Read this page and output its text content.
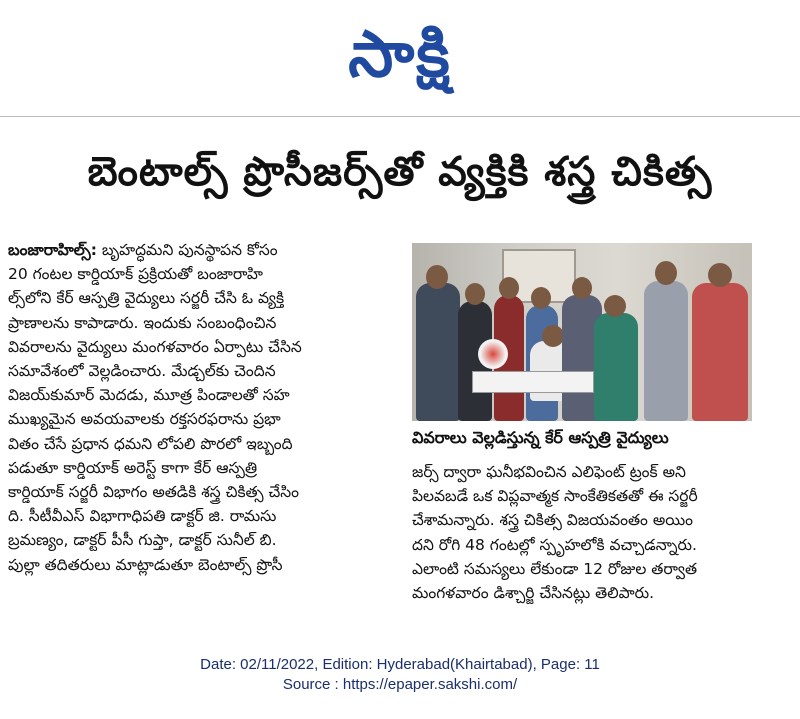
సాక్షి
బెంటాల్స్ ప్రొసీజర్స్‌తో వ్యక్తికి శస్త్ర చికిత్స
బంజారాహిల్స్: బృహద్ధమని పునస్థాపన కోసం
20 గంటల కార్డియాక్ ప్రక్రియతో బంజారాహి
ల్స్‌లోని కేర్ ఆస్పత్రి వైద్యులు సర్జరీ చేసి ఓ వ్యక్తి
ప్రాణాలను కాపాడారు. ఇందుకు సంబంధించిన
వివరాలను వైద్యులు మంగళవారం ఏర్పాటు చేసిన
సమావేశంలో వెల్లడించారు. మేడ్చల్‌కు చెందిన
విజయ్‌కుమార్ మెదడు, మూత్ర పిండాలతో సహ
ముఖ్యమైన అవయవాలకు రక్తసరఫరాను ప్రభా
వితం చేసే ప్రధాన ధమని లోపలి పొరలో ఇబ్బంది
పడుతూ కార్డియాక్ అరెస్ట్ కాగా కేర్ ఆస్పత్రి
కార్డియాక్ సర్జరీ విభాగం అతడికి శస్త్ర చికిత్స చేసిం
ది. సీటీవీఎస్ విభాగాధిపతి డాక్టర్ జి. రామసు
బ్రమణ్యం, డాక్టర్ పీసీ గుప్తా, డాక్టర్ సునీల్ బి.
పుల్లా తదితరులు మాట్లాడుతూ బెంటాల్స్ ప్రొసీ
వివరాలు వెల్లడిస్తున్న కేర్ ఆస్పత్రి వైద్యులు
జర్స్ ద్వారా ఘనీభవించిన ఎలిఫెంట్ ట్రంక్ అని
పిలవబడే ఒక విప్లవాత్మక సాంకేతికతతో ఈ సర్జరీ
చేశామన్నారు. శస్త్ర చికిత్స విజయవంతం అయిం
దని రోగి 48 గంటల్లో స్పృహలోకి వచ్చాడన్నారు.
ఎలాంటి సమస్యలు లేకుండా 12 రోజుల తర్వాత
మంగళవారం డిశ్చార్జి చేసినట్లు తెలిపారు.
Date: 02/11/2022, Edition: Hyderabad(Khairtabad), Page: 11
Source : https://epaper.sakshi.com/
